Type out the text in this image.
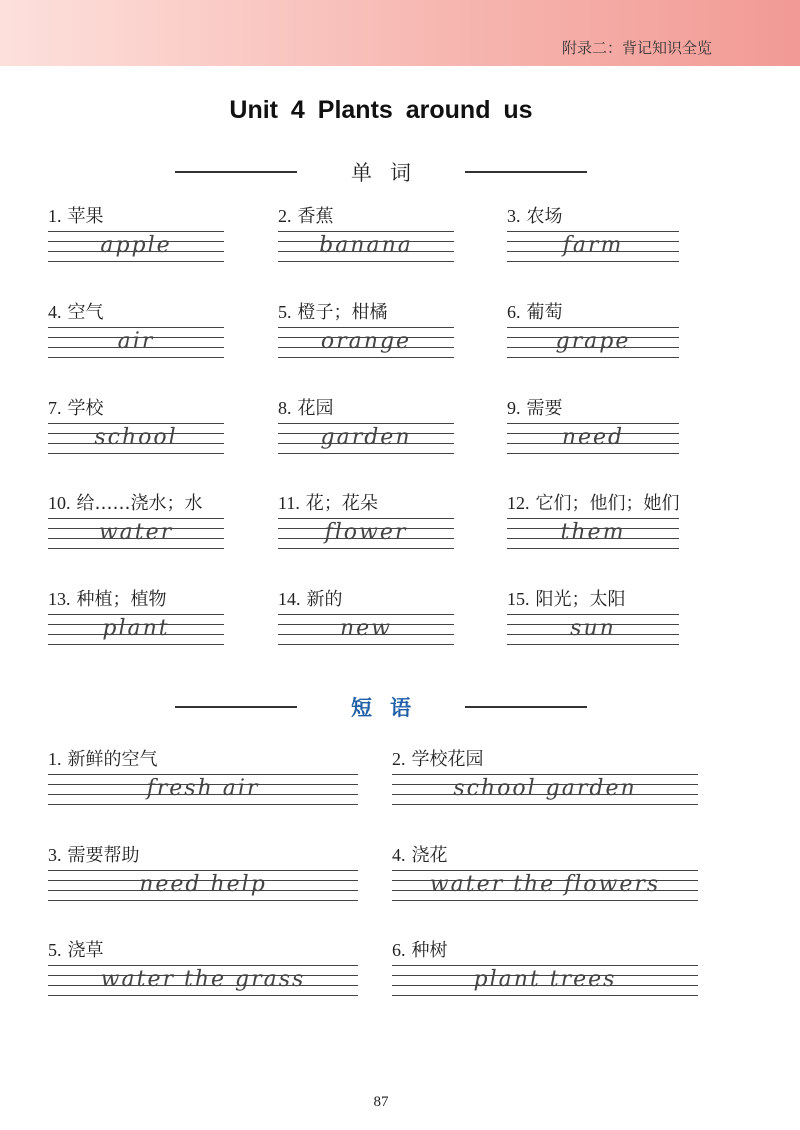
附录二：背记知识全览
Unit 4 Plants around us
单词
1. 苹果
apple
2. 香蕉
banana
3. 农场
farm
4. 空气
air
5. 橙子；柑橘
orange
6. 葡萄
grape
7. 学校
school
8. 花园
garden
9. 需要
need
10. 给……浇水；水
water
11. 花；花朵
flower
12. 它们；他们；她们
them
13. 种植；植物
plant
14. 新的
new
15. 阳光；太阳
sun
短语
1. 新鲜的空气
fresh air
2. 学校花园
school garden
3. 需要帮助
need help
4. 浇花
water the flowers
5. 浇草
water the grass
6. 种树
plant trees
87
